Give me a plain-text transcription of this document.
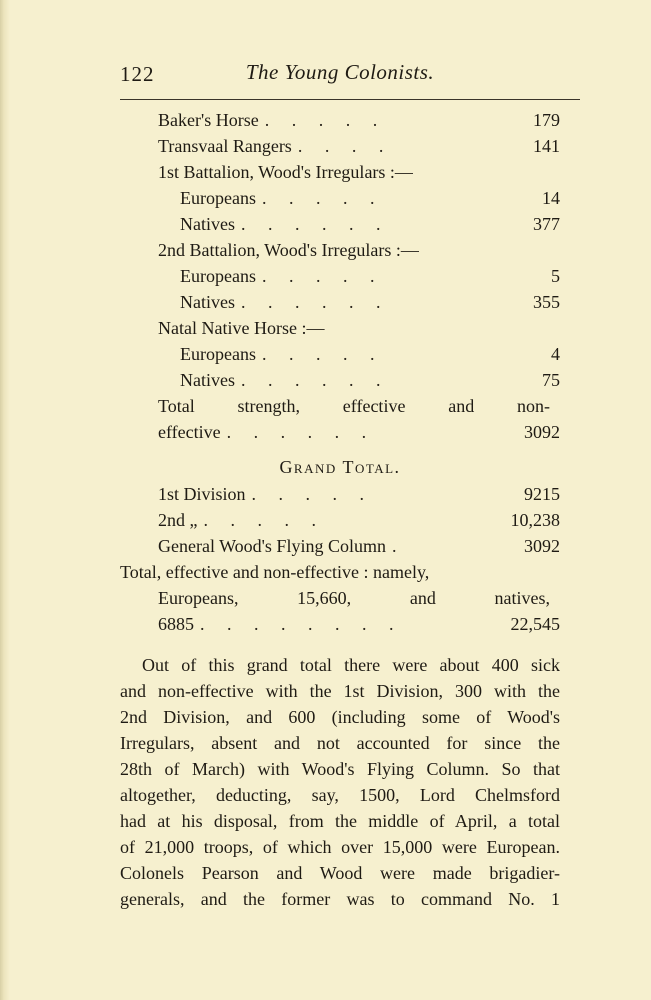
122	The Young Colonists.
Baker's Horse . . . . .	179
Transvaal Rangers . . . .	141
1st Battalion, Wood's Irregulars :—
Europeans . . . . .	14
Natives . . . . . .	377
2nd Battalion, Wood's Irregulars :—
Europeans . . . . .	5
Natives . . . . . .	355
Natal Native Horse :—
Europeans . . . . .	4
Natives . . . . . .	75
Total strength, effective and non-
effective . . . . . .	3092
Grand Total.
1st Division . . . . .	9215
2nd „ . . . . .	10,238
General Wood's Flying Column .	3092
Total, effective and non-effective : namely,
Europeans, 15,660, and natives,
6885 . . . . . . . .	22,545
Out of this grand total there were about 400 sick
and non-effective with the 1st Division, 300 with the
2nd Division, and 600 (including some of Wood's
Irregulars, absent and not accounted for since the
28th of March) with Wood's Flying Column. So that
altogether, deducting, say, 1500, Lord Chelmsford
had at his disposal, from the middle of April, a total
of 21,000 troops, of which over 15,000 were European.
Colonels Pearson and Wood were made brigadier-
generals, and the former was to command No. 1
